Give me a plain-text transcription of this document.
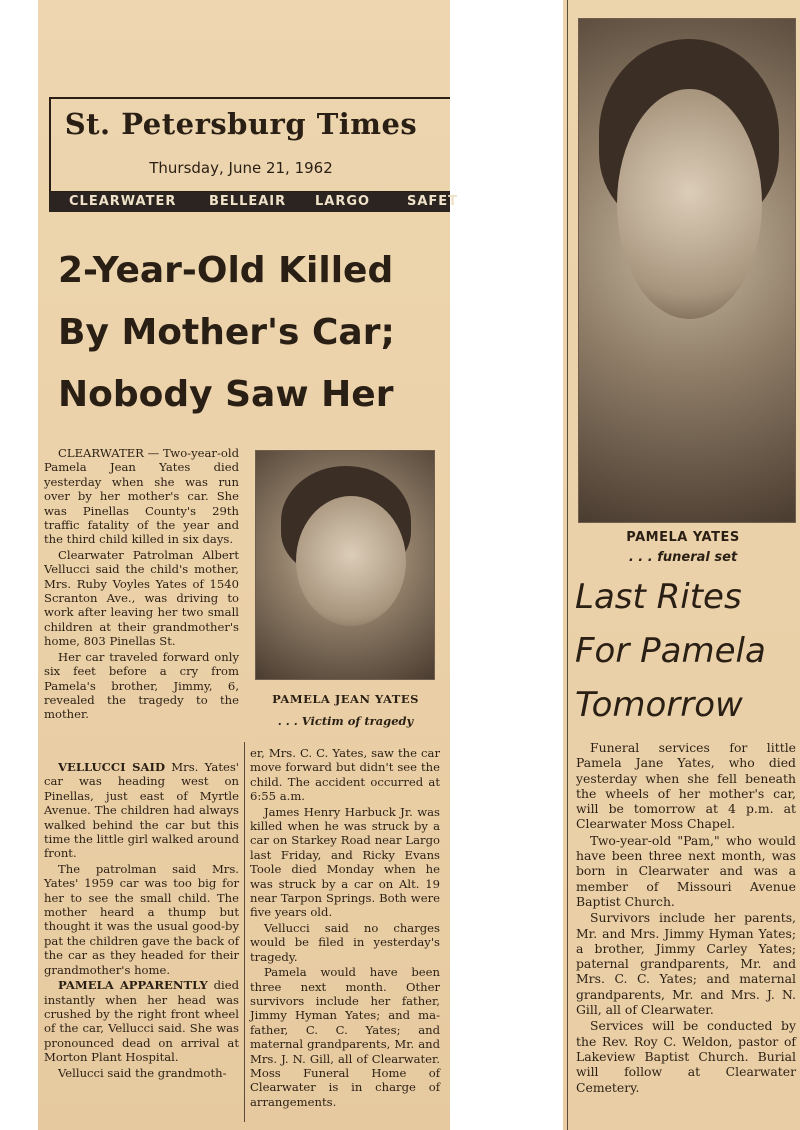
St. Petersburg Times
Thursday, June 21, 1962
CLEARWATER	BELLEAIR LARGO	SAFET
2-Year-Old Killed
By Mother's Car;
Nobody Saw Her

CLEARWATER — Two-year-old Pamela Jean Yates died yesterday when she was run over by her mother's car. She was Pinellas County's 29th traffic fatality of the year and the third child killed in six days.

Clearwater Patrolman Albert Vellucci said the child's mother, Mrs. Ruby Voyles Yates of 1540 Scranton Ave., was driving to work after leaving her two small children at their grandmother's home, 803 Pinellas St.

Her car traveled forward only six feet before a cry from Pamela's brother, Jimmy, 6, revealed the tragedy to the mother.

PAMELA JEAN YATES
. . . Victim of tragedy

VELLUCCI SAID Mrs. Yates' car was heading west on Pinellas, just east of Myrtle Avenue. The children had always walked behind the car but this time the little girl walked around front.

The patrolman said Mrs. Yates' 1959 car was too big for her to see the small child. The mother heard a thump but thought it was the usual good-by pat the children gave the back of the car as they headed for their grandmother's home.

PAMELA APPARENTLY died instantly when her head was crushed by the right front wheel of the car, Vellucci said. She was pronounced dead on arrival at Morton Plant Hospital.

Vellucci said the grandmoth-

er, Mrs. C. C. Yates, saw the car move forward but didn't see the child. The accident occurred at 6:55 a.m.

James Henry Harbuck Jr. was killed when he was struck by a car on Starkey Road near Largo last Friday, and Ricky Evans Toole died Monday when he was struck by a car on Alt. 19 near Tarpon Springs. Both were five years old.

Vellucci said no charges would be filed in yesterday's tragedy.

Pamela would have been three next month. Other survivors include her father, Jimmy Hyman Yates; and ma-father, C. C. Yates; and maternal grandparents, Mr. and Mrs. J. N. Gill, all of Clearwater. Moss Funeral Home of Clearwater is in charge of arrangements.

PAMELA YATES
. . . funeral set
Last Rites
For Pamela
Tomorrow

Funeral services for little Pamela Jane Yates, who died yesterday when she fell beneath the wheels of her mother's car, will be tomorrow at 4 p.m. at Clearwater Moss Chapel.

Two-year-old "Pam," who would have been three next month, was born in Clearwater and was a member of Missouri Avenue Baptist Church.

Survivors include her parents, Mr. and Mrs. Jimmy Hyman Yates; a brother, Jimmy Carley Yates; paternal grandparents, Mr. and Mrs. C. C. Yates; and maternal grandparents, Mr. and Mrs. J. N. Gill, all of Clearwater.

Services will be conducted by the Rev. Roy C. Weldon, pastor of Lakeview Baptist Church. Burial will follow at Clearwater Cemetery.
